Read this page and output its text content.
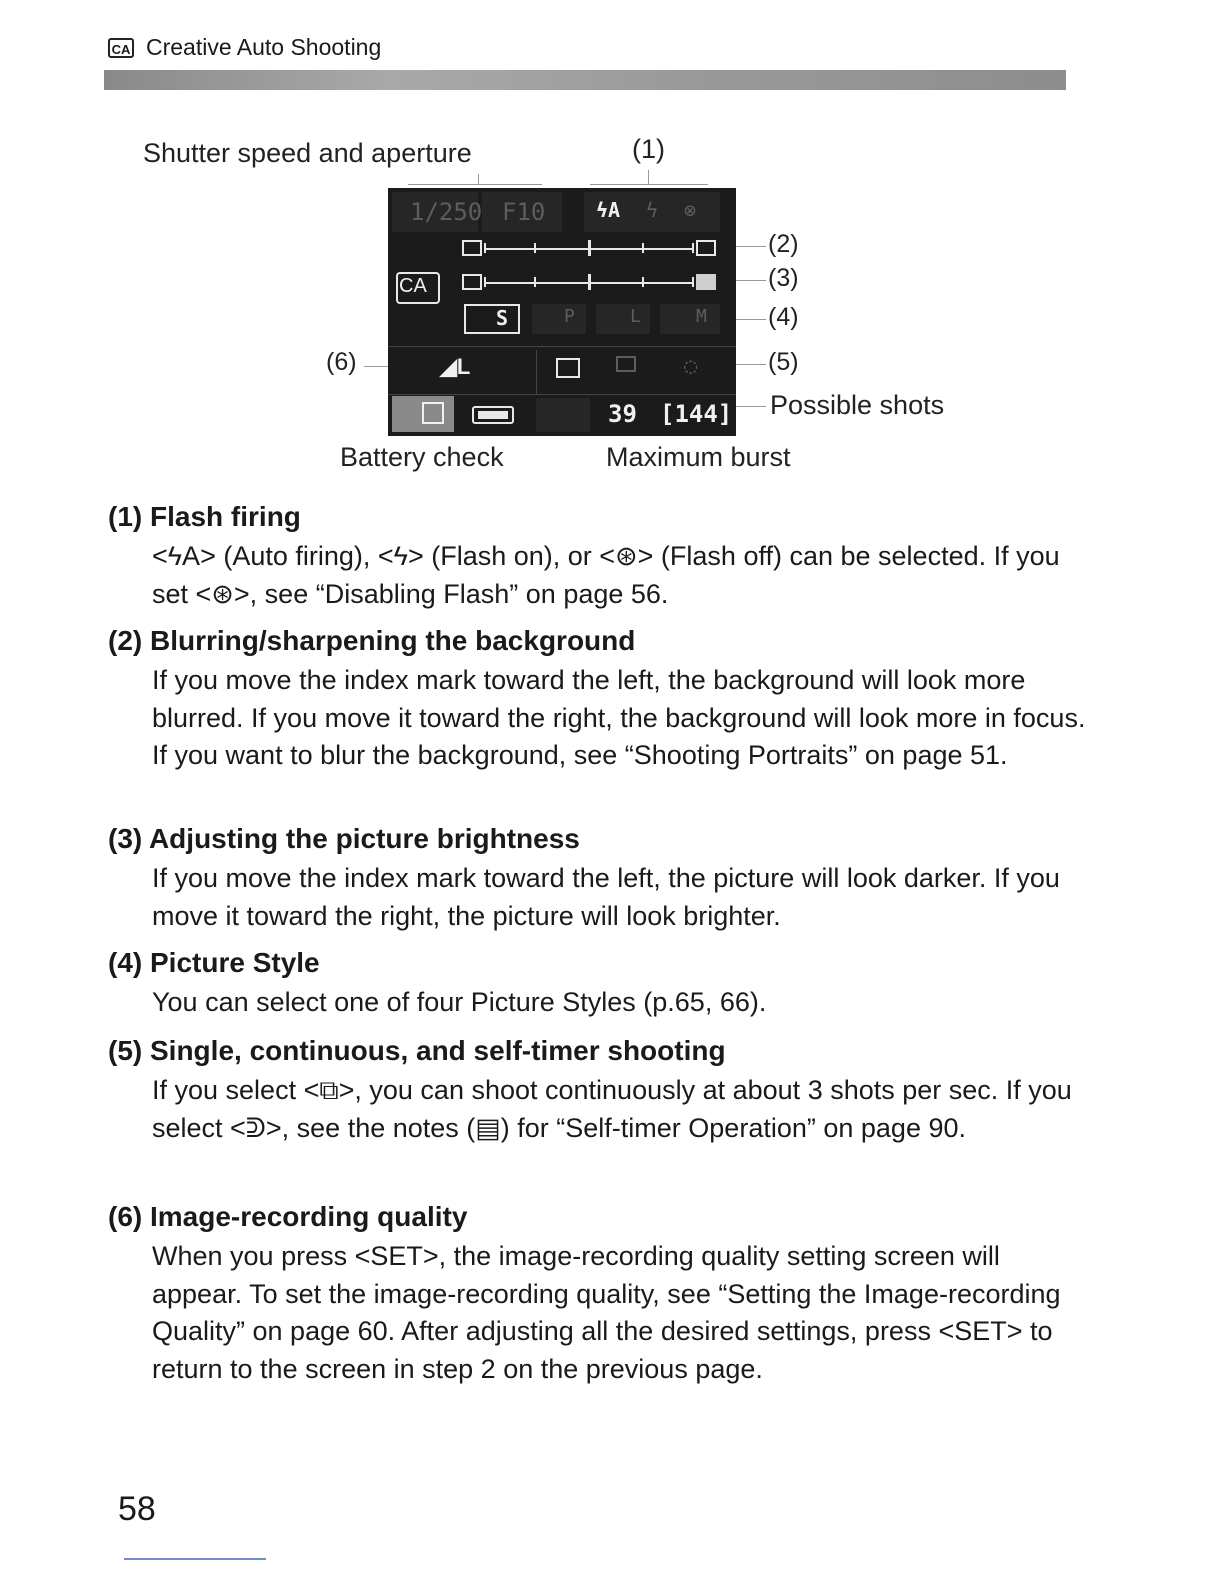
CA Creative Auto Shooting
Shutter speed and aperture	(1)
(2)
(3)
(4)
(5)
(6)
Possible shots
Battery check	Maximum burst
1/250 F10	ϟA ϟ ⊗
CA
S	P	L	M
◢L	◌
39 [144]
(1) Flash firing
<ϟA> (Auto firing), <ϟ> (Flash on), or <⊛> (Flash off) can be selected. If you set <⊛>, see “Disabling Flash” on page 56.
(2) Blurring/sharpening the background
If you move the index mark toward the left, the background will look more blurred. If you move it toward the right, the background will look more in focus. If you want to blur the background, see “Shooting Portraits” on page 51.
(3) Adjusting the picture brightness
If you move the index mark toward the left, the picture will look darker. If you move it toward the right, the picture will look brighter.
(4) Picture Style
You can select one of four Picture Styles (p.65, 66).
(5) Single, continuous, and self-timer shooting
If you select <⧉>, you can shoot continuously at about 3 shots per sec. If you select <ᕲ>, see the notes (▤) for “Self-timer Operation” on page 90.
(6) Image-recording quality
When you press <SET>, the image-recording quality setting screen will appear. To set the image-recording quality, see “Setting the Image-recording Quality” on page 60. After adjusting all the desired settings, press <SET> to return to the screen in step 2 on the previous page.
58
